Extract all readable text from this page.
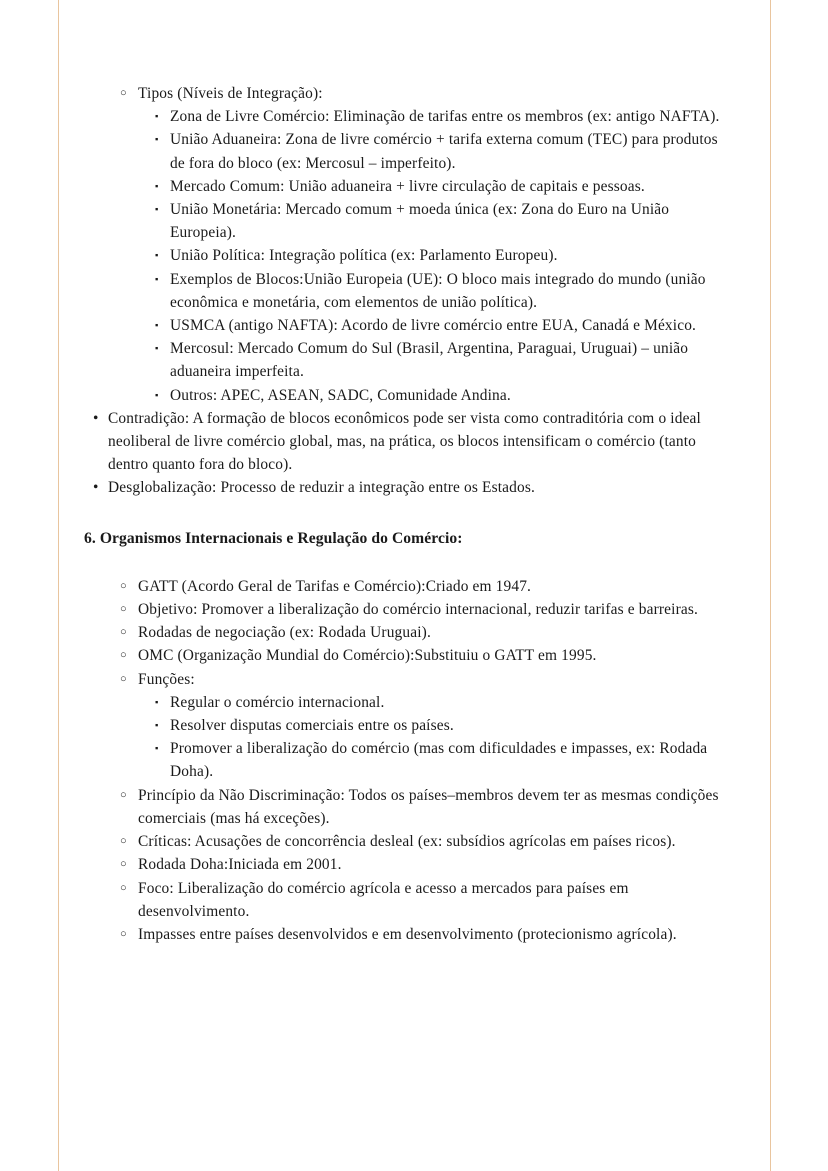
○ Tipos (Níveis de Integração):
▪ Zona de Livre Comércio: Eliminação de tarifas entre os membros (ex: antigo NAFTA).
▪ União Aduaneira: Zona de livre comércio + tarifa externa comum (TEC) para produtos de fora do bloco (ex: Mercosul – imperfeito).
▪ Mercado Comum: União aduaneira + livre circulação de capitais e pessoas.
▪ União Monetária: Mercado comum + moeda única (ex: Zona do Euro na União Europeia).
▪ União Política: Integração política (ex: Parlamento Europeu).
▪ Exemplos de Blocos:União Europeia (UE): O bloco mais integrado do mundo (união econômica e monetária, com elementos de união política).
▪ USMCA (antigo NAFTA): Acordo de livre comércio entre EUA, Canadá e México.
▪ Mercosul: Mercado Comum do Sul (Brasil, Argentina, Paraguai, Uruguai) – união aduaneira imperfeita.
▪ Outros: APEC, ASEAN, SADC, Comunidade Andina.
• Contradição: A formação de blocos econômicos pode ser vista como contraditória com o ideal neoliberal de livre comércio global, mas, na prática, os blocos intensificam o comércio (tanto dentro quanto fora do bloco).
• Desglobalização: Processo de reduzir a integração entre os Estados.
6. Organismos Internacionais e Regulação do Comércio:
○ GATT (Acordo Geral de Tarifas e Comércio):Criado em 1947.
○ Objetivo: Promover a liberalização do comércio internacional, reduzir tarifas e barreiras.
○ Rodadas de negociação (ex: Rodada Uruguai).
○ OMC (Organização Mundial do Comércio):Substituiu o GATT em 1995.
○ Funções:
▪ Regular o comércio internacional.
▪ Resolver disputas comerciais entre os países.
▪ Promover a liberalização do comércio (mas com dificuldades e impasses, ex: Rodada Doha).
○ Princípio da Não Discriminação: Todos os países–membros devem ter as mesmas condições comerciais (mas há exceções).
○ Críticas: Acusações de concorrência desleal (ex: subsídios agrícolas em países ricos).
○ Rodada Doha:Iniciada em 2001.
○ Foco: Liberalização do comércio agrícola e acesso a mercados para países em desenvolvimento.
○ Impasses entre países desenvolvidos e em desenvolvimento (protecionismo agrícola).
